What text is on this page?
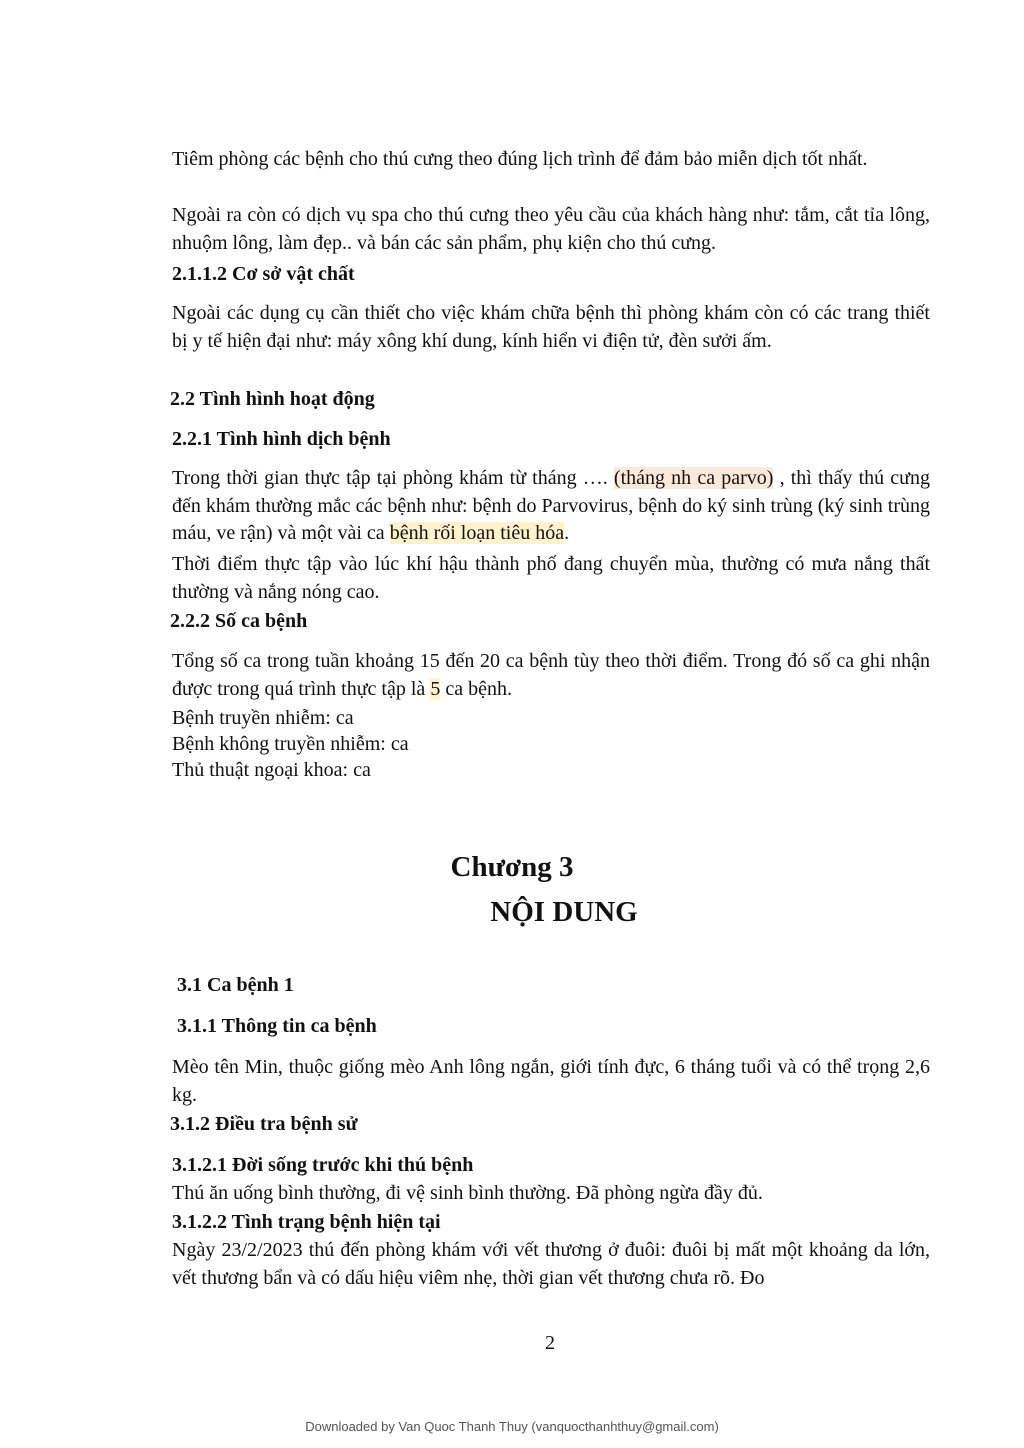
Tiêm phòng các bệnh cho thú cưng theo đúng lịch trình để đảm bảo miễn dịch tốt nhất.

Ngoài ra còn có dịch vụ spa cho thú cưng theo yêu cầu của khách hàng như: tắm, cắt tỉa lông, nhuộm lông, làm đẹp.. và bán các sản phẩm, phụ kiện cho thú cưng.

2.1.1.2 Cơ sở vật chất

Ngoài các dụng cụ cần thiết cho việc khám chữa bệnh thì phòng khám còn có các trang thiết bị y tế hiện đại như: máy xông khí dung, kính hiển vi điện tử, đèn sưởi ấm.

2.2 Tình hình hoạt động

2.2.1 Tình hình dịch bệnh

Trong thời gian thực tập tại phòng khám từ tháng …. (tháng nh ca parvo) , thì thấy thú cưng đến khám thường mắc các bệnh như: bệnh do Parvovirus, bệnh do ký sinh trùng (ký sinh trùng máu, ve rận) và một vài ca bệnh rối loạn tiêu hóa.

Thời điểm thực tập vào lúc khí hậu thành phố đang chuyển mùa, thường có mưa nắng thất thường và nắng nóng cao.

2.2.2 Số ca bệnh

Tổng số ca trong tuần khoảng 15 đến 20 ca bệnh tùy theo thời điểm. Trong đó số ca ghi nhận được trong quá trình thực tập là 5 ca bệnh.

Bệnh truyền nhiễm: ca

Bệnh không truyền nhiễm: ca

Thủ thuật ngoại khoa: ca

Chương 3
NỘI DUNG

3.1 Ca bệnh 1

3.1.1 Thông tin ca bệnh

Mèo tên Min, thuộc giống mèo Anh lông ngắn, giới tính đực, 6 tháng tuổi và có thể trọng 2,6 kg.

3.1.2 Điều tra bệnh sử

3.1.2.1 Đời sống trước khi thú bệnh

Thú ăn uống bình thường, đi vệ sinh bình thường. Đã phòng ngừa đầy đủ.

3.1.2.2 Tình trạng bệnh hiện tại

Ngày 23/2/2023 thú đến phòng khám với vết thương ở đuôi: đuôi bị mất một khoảng da lớn, vết thương bẩn và có dấu hiệu viêm nhẹ, thời gian vết thương chưa rõ. Đo

2
Downloaded by Van Quoc Thanh Thuy (vanquocthanhthuy@gmail.com)
